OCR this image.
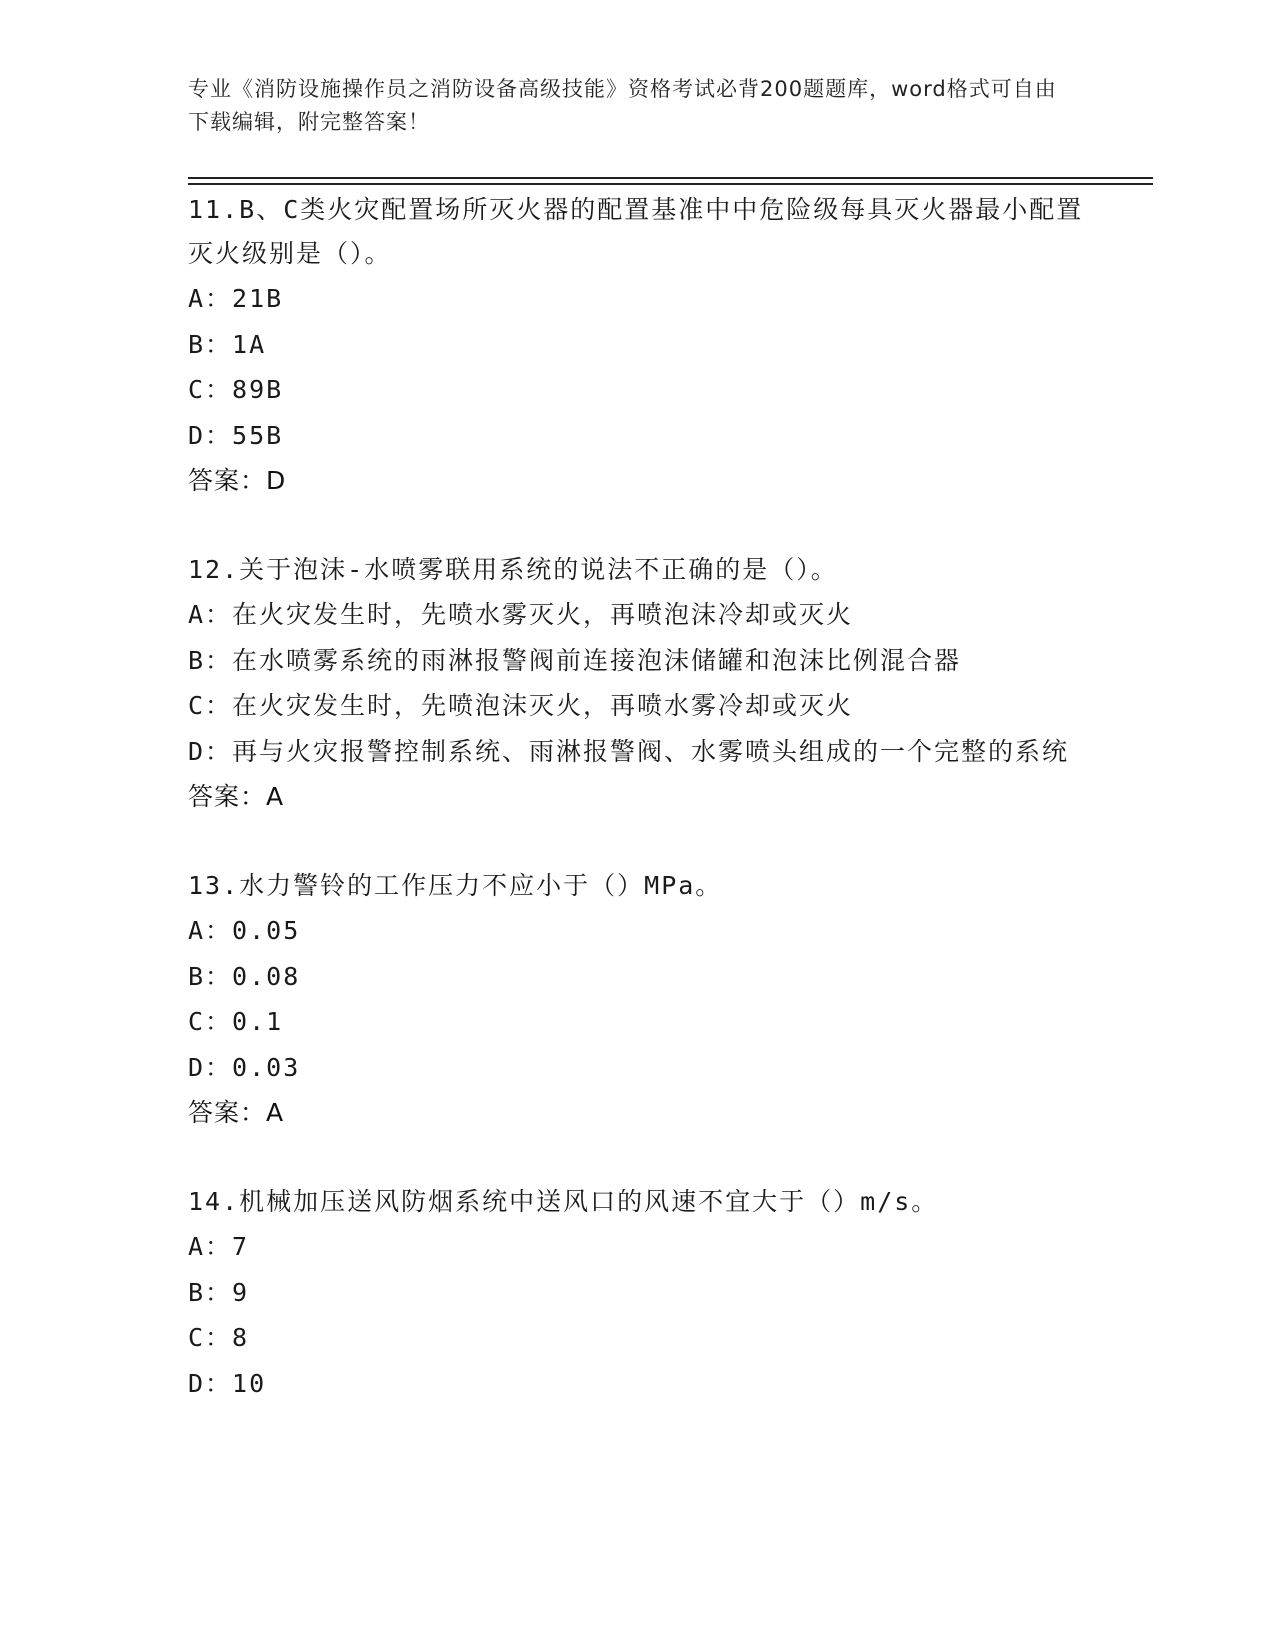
专业《消防设施操作员之消防设备高级技能》资格考试必背200题题库，word格式可自由下载编辑，附完整答案！

11.B、C类火灾配置场所灭火器的配置基准中中危险级每具灭火器最小配置灭火级别是（）。

A：21B

B：1A

C：89B

D：55B

答案：D

12.关于泡沫-水喷雾联用系统的说法不正确的是（）。

A：在火灾发生时，先喷水雾灭火，再喷泡沫冷却或灭火

B：在水喷雾系统的雨淋报警阀前连接泡沫储罐和泡沫比例混合器

C：在火灾发生时，先喷泡沫灭火，再喷水雾冷却或灭火

D：再与火灾报警控制系统、雨淋报警阀、水雾喷头组成的一个完整的系统

答案：A

13.水力警铃的工作压力不应小于（）MPa。

A：0.05

B：0.08

C：0.1

D：0.03

答案：A

14.机械加压送风防烟系统中送风口的风速不宜大于（）m/s。

A：7

B：9

C：8

D：10
